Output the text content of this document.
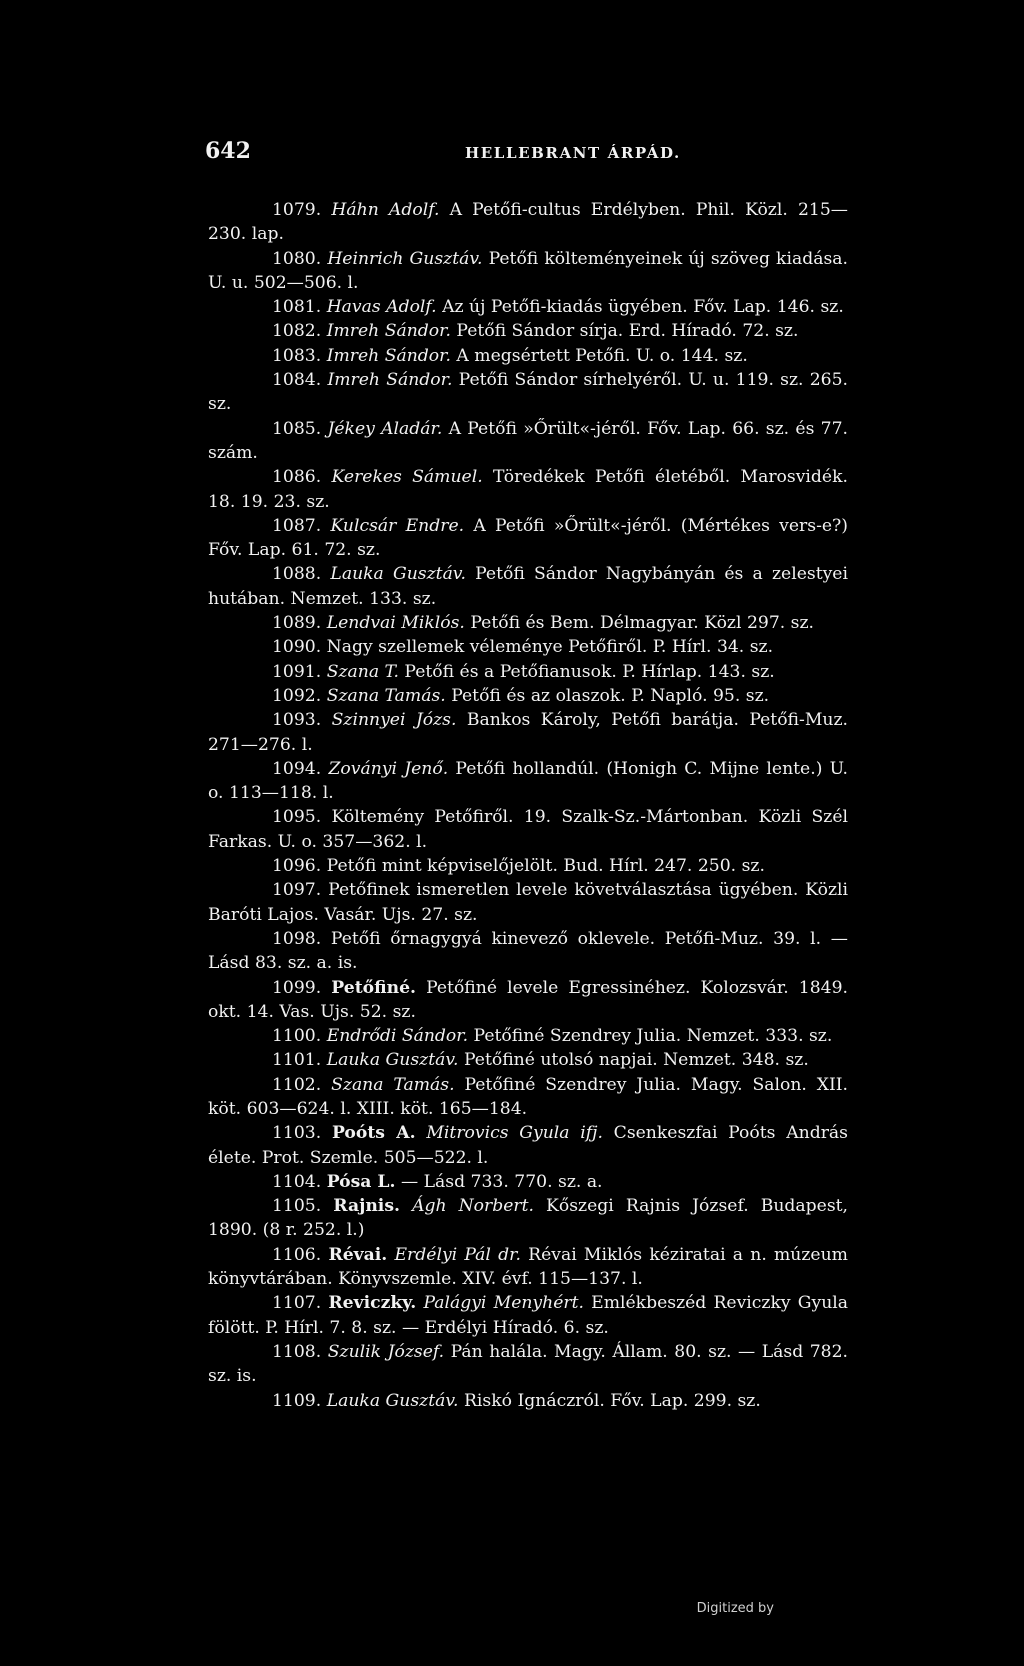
642	HELLEBRANT ÁRPÁD.
1079. Háhn Adolf. A Petőfi-cultus Erdélyben. Phil. Közl. 215—230. lap.
1080. Heinrich Gusztáv. Petőfi költeményeinek új szöveg kiadása. U. u. 502—506. l.
1081. Havas Adolf. Az új Petőfi-kiadás ügyében. Főv. Lap. 146. sz.
1082. Imreh Sándor. Petőfi Sándor sírja. Erd. Híradó. 72. sz.
1083. Imreh Sándor. A megsértett Petőfi. U. o. 144. sz.
1084. Imreh Sándor. Petőfi Sándor sírhelyéről. U. u. 119. sz. 265. sz.
1085. Jékey Aladár. A Petőfi »Őrült«-jéről. Főv. Lap. 66. sz. és 77. szám.
1086. Kerekes Sámuel. Töredékek Petőfi életéből. Marosvidék. 18. 19. 23. sz.
1087. Kulcsár Endre. A Petőfi »Őrült«-jéről. (Mértékes vers-e?) Főv. Lap. 61. 72. sz.
1088. Lauka Gusztáv. Petőfi Sándor Nagybányán és a zelestyei hutában. Nemzet. 133. sz.
1089. Lendvai Miklós. Petőfi és Bem. Délmagyar. Közl 297. sz.
1090. Nagy szellemek véleménye Petőfiről. P. Hírl. 34. sz.
1091. Szana T. Petőfi és a Petőfianusok. P. Hírlap. 143. sz.
1092. Szana Tamás. Petőfi és az olaszok. P. Napló. 95. sz.
1093. Szinnyei Józs. Bankos Károly, Petőfi barátja. Petőfi-Muz. 271—276. l.
1094. Zoványi Jenő. Petőfi hollandúl. (Honigh C. Mijne lente.) U. o. 113—118. l.
1095. Költemény Petőfiről. 19. Szalk-Sz.-Mártonban. Közli Szél Farkas. U. o. 357—362. l.
1096. Petőfi mint képviselőjelölt. Bud. Hírl. 247. 250. sz.
1097. Petőfinek ismeretlen levele követválasztása ügyében. Közli Baróti Lajos. Vasár. Ujs. 27. sz.
1098. Petőfi őrnagygyá kinevező oklevele. Petőfi-Muz. 39. l. — Lásd 83. sz. a. is.
1099. Petőfiné. Petőfiné levele Egressinéhez. Kolozsvár. 1849. okt. 14. Vas. Ujs. 52. sz.
1100. Endrődi Sándor. Petőfiné Szendrey Julia. Nemzet. 333. sz.
1101. Lauka Gusztáv. Petőfiné utolsó napjai. Nemzet. 348. sz.
1102. Szana Tamás. Petőfiné Szendrey Julia. Magy. Salon. XII. köt. 603—624. l. XIII. köt. 165—184.
1103. Poóts A. Mitrovics Gyula ifj. Csenkeszfai Poóts András élete. Prot. Szemle. 505—522. l.
1104. Pósa L. — Lásd 733. 770. sz. a.
1105. Rajnis. Ágh Norbert. Kőszegi Rajnis József. Budapest, 1890. (8 r. 252. l.)
1106. Révai. Erdélyi Pál dr. Révai Miklós kéziratai a n. múzeum könyvtárában. Könyvszemle. XIV. évf. 115—137. l.
1107. Reviczky. Palágyi Menyhért. Emlékbeszéd Reviczky Gyula fölött. P. Hírl. 7. 8. sz. — Erdélyi Híradó. 6. sz.
1108. Szulik József. Pán halála. Magy. Állam. 80. sz. — Lásd 782. sz. is.
1109. Lauka Gusztáv. Riskó Ignáczról. Főv. Lap. 299. sz.
Digitized by
